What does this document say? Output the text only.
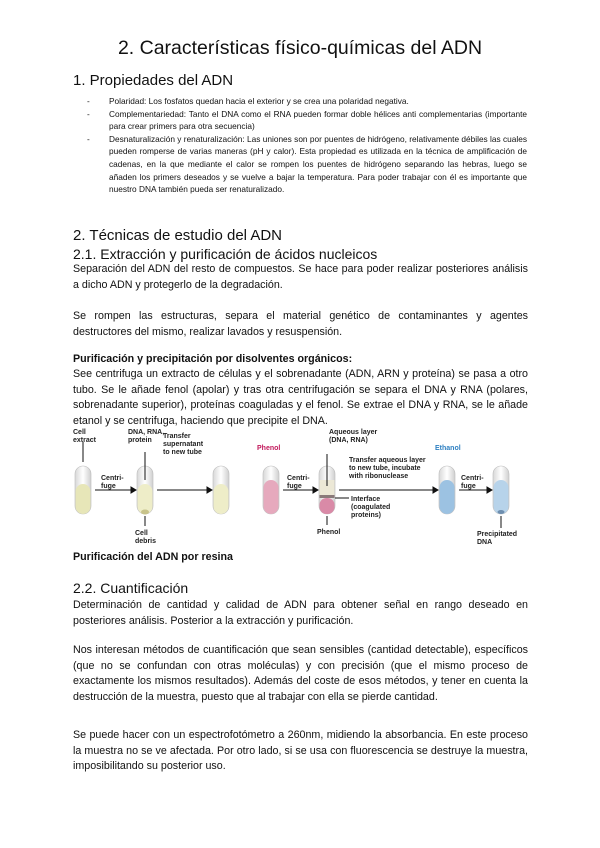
2. Características físico-químicas del ADN
1. Propiedades del ADN
- Polaridad: Los fosfatos quedan hacia el exterior y se crea una polaridad negativa.
- Complementariedad: Tanto el DNA como el RNA pueden formar doble hélices anti complementarias (importante para crear primers para otra secuencia)
- Desnaturalización y renaturalización: Las uniones son por puentes de hidrógeno, relativamente débiles las cuales pueden romperse de varias maneras (pH y calor). Esta propiedad es utilizada en la técnica de amplificación de cadenas, en la que mediante el calor se rompen los puentes de hidrógeno separando las hebras, luego se añaden los primers deseados y se vuelve a bajar la temperatura. Para poder trabajar con él es importante que nuestro DNA también pueda ser renaturalizado.
2. Técnicas de estudio del ADN
2.1. Extracción y purificación de ácidos nucleicos

Separación del ADN del resto de compuestos. Se hace para poder realizar posteriores análisis a dicho ADN y protegerlo de la degradación.

Se rompen las estructuras, separa el material genético de contaminantes y agentes destructores del mismo, realizar lavados y resuspensión.

Purificación y precipitación por disolventes orgánicos:

See centrifuga un extracto de células y el sobrenadante (ADN, ARN y proteína) se pasa a otro tubo. Se le añade fenol (apolar) y tras otra centrifugación se separa el DNA y RNA (polares, sobrenadante superior), proteínas coaguladas y el fenol. Se extrae el DNA y RNA, se le añade etanol y se centrifuga, haciendo que precipite el DNA.

Cell extract
Centri-fuge
DNA, RNA, protein
Transfer supernatant to new tube
Cell debris
Phenol
Centri-fuge
Aqueous layer (DNA, RNA)
Transfer aqueous layer to new tube, incubate with ribonuclease
Interface (coagulated proteins)
Phenol
Ethanol
Centri-fuge
Precipitated DNA

Purificación del ADN por resina

2.2. Cuantificación

Determinación de cantidad y calidad de ADN para obtener señal en rango deseado en posteriores análisis. Posterior a la extracción y purificación.

Nos interesan métodos de cuantificación que sean sensibles (cantidad detectable), específicos (que no se confundan con otras moléculas) y con precisión (que el mismo proceso de exactamente los mismos resultados). Además del coste de esos métodos, y tener en cuenta la destrucción de la muestra, puesto que al trabajar con ella se pierde cantidad.

Se puede hacer con un espectrofotómetro a 260nm, midiendo la absorbancia. En este proceso la muestra no se ve afectada. Por otro lado, si se usa con fluorescencia se destruye la muestra, imposibilitando su posterior uso.
